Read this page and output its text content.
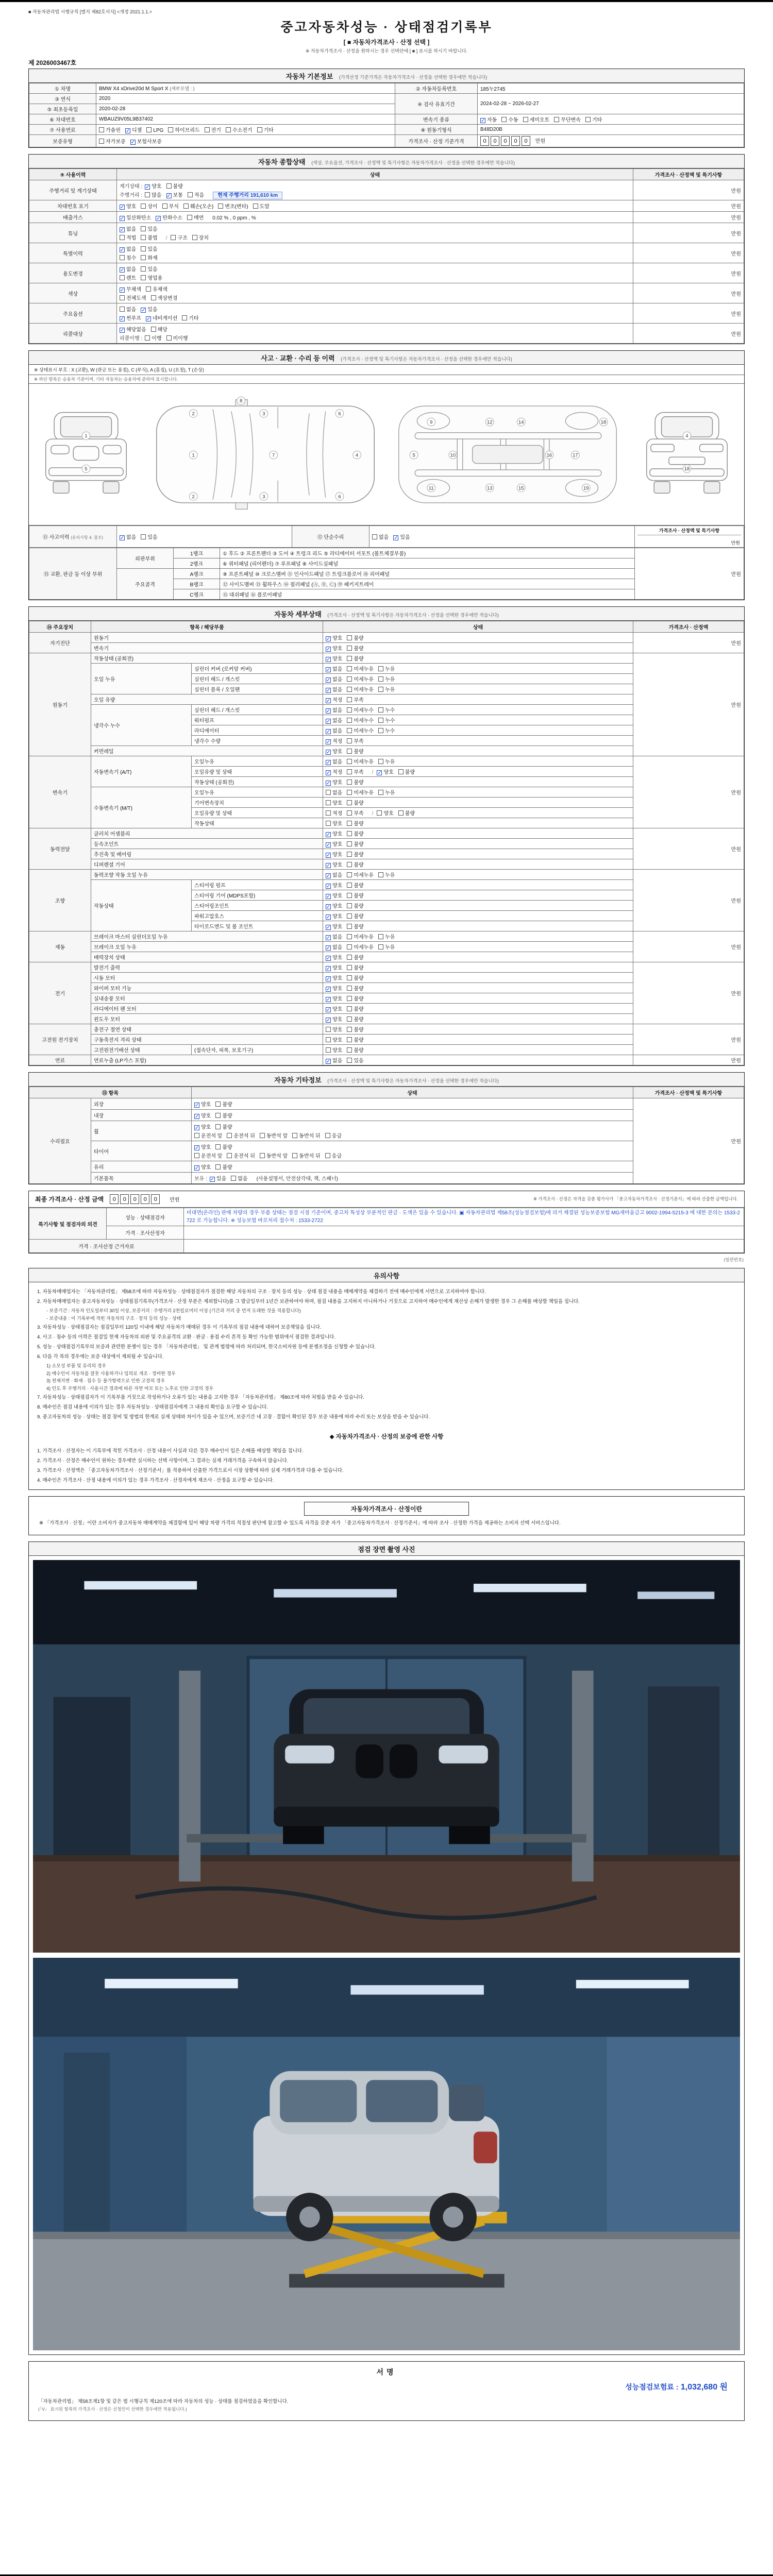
■ 자동차관리법 시행규칙 [별지 제82호서식] <개정 2021.1.1.>
중고자동차성능 · 상태점검기록부
[ ■ 자동차가격조사 · 산정 선택 ]
※ 자동차가격조사 · 산정을 원하시는 경우 선택란에 [ ■ ] 표시를 하시기 바랍니다.
제 2026003467호
자동차 기본정보 (가격산정 기준가격은 자동차가격조사 · 산정을 선택한 경우에만 적습니다)
① 차명	BMW X4 xDrive20d M Sport X (세부모델 : )	② 자동차등록번호	185누2745
③ 연식	2020	④ 검사 유효기간	2024-02-28 ~ 2026-02-27
⑤ 최초등록일	2020-02-28		
⑥ 차대번호	WBAUZ9V05L9B37402	변속기 종류	✓ 자동 수동 세미오토 무단변속 기타
⑦ 사용연료	가솔린 ✓ 디젤 LPG 하이브리드 전기 수소전기 기타	⑧ 원동기형식	B48D20B
보증유형	자가보증 ✓ 보험사보증	가격조사 · 산정 기준가격	0 0 0 0 0 만원
자동차 종합상태 (색상, 주요옵션, 가격조사 · 산정액 및 특기사항은 자동차가격조사 · 산정을 선택한 경우에만 적습니다)
⑨ 사용이력	상태	가격조사 · 산정액 및 특기사항
주행거리 및 계기상태	계기상태 : ✓ 양호 불량
주행거리 : 많음 ✓ 보통 적음 현재 주행거리 191,610 km	만원
차대번호 표기	✓ 양호 상이 부식 훼손(오손) 변조(변타) 도말	만원
배출가스	✓ 일산화탄소 ✓ 탄화수소 매연 0.02 % , 0 ppm , %	만원
튜닝	✓ 없음 있음
적법 불법 / 구조 장치	만원
특별이력	✓ 없음 있음
침수 화재	만원
용도변경	✓ 없음 있음
렌트 영업용	만원
색상	✓ 무채색 유채색
전체도색 색상변경	만원
주요옵션	없음 ✓ 있음
✓ 썬루프 ✓ 네비게이션 기타	만원
리콜대상	✓ 해당없음 해당
리콜이행 : 이행 미이행	만원
사고 · 교환 · 수리 등 이력 (가격조사 · 산정액 및 특기사항은 자동차가격조사 · 산정을 선택한 경우에만 적습니다)
※ 상태표시 부호 : X (교환), W (판금 또는 용접), C (부식), A (흠집), U (요철), T (손상)
※ 하단 항목은 승용차 기준이며, 기타 자동차는 승용차에 준하여 표시합니다.
1
5
1
2
2
3
3
7
6
6
8
4	5
9
10
11
12
13
14
15
16	17
18
19
4
18
⑪ 사고이력 (유의사항 4. 참조)	✓ 없음 있음	⑫ 단순수리	없음 ✓ 있음	
가격조사 · 산정액 및 특기사항
만원
⑬ 교환, 판금 등 이상 부위	외판부위	1랭크	① 후드 ② 프론트펜더 ③ 도어 ④ 트렁크 리드 ⑤ 라디에이터 서포트 (볼트체결부품)	만원
		2랭크	⑥ 쿼터패널 (리어펜더) ⑦ 루프패널 ⑧ 사이드실패널	
	주요골격	A랭크	⑨ 프론트패널 ⑩ 크로스멤버 ⑪ 인사이드패널 ⑰ 트렁크플로어 ⑱ 리어패널	
		B랭크	⑫ 사이드멤버 ⑬ 휠하우스 ⑭ 필러패널 (Ⓐ, Ⓑ, Ⓒ) ⑲ 패키지트레이	
		C랭크	⑮ 대쉬패널 ⑯ 플로어패널	
자동차 세부상태 (가격조사 · 산정액 및 특기사항은 자동차가격조사 · 산정을 선택한 경우에만 적습니다)
⑭ 주요장치	항목 / 해당부품		상태	가격조사 · 산정액
자기진단	원동기		✓ 양호 불량	만원
	변속기		✓ 양호 불량	
원동기	작동상태 (공회전)		✓ 양호 불량	만원
	오일 누유	실린더 커버 (로커암 커버)	✓ 없음 미세누유 누유	
		실린더 헤드 / 개스킷	✓ 없음 미세누유 누유	
		실린더 블록 / 오일팬	✓ 없음 미세누유 누유	
	오일 유량		✓ 적정 부족	
	냉각수 누수	실린더 헤드 / 개스킷	✓ 없음 미세누수 누수	
		워터펌프	✓ 없음 미세누수 누수	
		라디에이터	✓ 없음 미세누수 누수	
		냉각수 수량	✓ 적정 부족	
	커먼레일		✓ 양호 불량	
변속기	자동변속기 (A/T)	오일누유	✓ 없음 미세누유 누유	만원
		오일유량 및 상태	✓ 적정 부족 / ✓ 양호 불량	
		작동상태 (공회전)	✓ 양호 불량	
	수동변속기 (M/T)	오일누유	없음 미세누유 누유	
		기어변속장치	양호 불량	
		오일유량 및 상태	적정 부족 / 양호 불량	
		작동상태	양호 불량	
동력전달	클러치 어셈블리		✓ 양호 불량	만원
	등속조인트		✓ 양호 불량	
	추진축 및 베어링		✓ 양호 불량	
	디퍼렌셜 기어		✓ 양호 불량	
조향	동력조향 작동 오일 누유		✓ 없음 미세누유 누유	만원
	작동상태	스티어링 펌프	✓ 양호 불량	
		스티어링 기어 (MDPS포함)	✓ 양호 불량	
		스티어링조인트	✓ 양호 불량	
		파워고압호스	✓ 양호 불량	
		타이로드엔드 및 볼 조인트	✓ 양호 불량	
제동	브레이크 마스터 실린더오일 누유		✓ 없음 미세누유 누유	만원
	브레이크 오일 누유		✓ 없음 미세누유 누유	
	배력장치 상태		✓ 양호 불량	
전기	발전기 출력		✓ 양호 불량	만원
	시동 모터		✓ 양호 불량	
	와이퍼 모터 기능		✓ 양호 불량	
	실내송풍 모터		✓ 양호 불량	
	라디에이터 팬 모터		✓ 양호 불량	
	윈도우 모터		✓ 양호 불량	
고전원 전기장치	충전구 절연 상태		양호 불량	만원
	구동축전지 격리 상태		양호 불량	
	고전원전기배선 상태	(접속단자, 피복, 보호기구)	양호 불량	
연료	연료누출 (LP가스 포함)		✓ 없음 있음	만원
자동차 기타정보 (가격조사 · 산정액 및 특기사항은 자동차가격조사 · 산정을 선택한 경우에만 적습니다)
⑮ 항목		상태	가격조사 · 산정액 및 특기사항
수리필요	외장	✓ 양호 불량	만원
	내장	✓ 양호 불량	

	휠	✓ 양호 불량
운전석 앞 운전석 뒤 동반석 앞 동반석 뒤 응급	

	타이어	✓ 양호 불량
운전석 앞 운전석 뒤 동반석 앞 동반석 뒤 응급	

	유리	✓ 양호 불량	

	기본품목	보유 : ✓ 있음 없음 (사용설명서, 안전삼각대, 잭, 스패너)	
최종 가격조사 · 산정 금액	0 0 0 0 0	만원	※ 가격조사 · 산정은 자격을 갖춘 평가사가 「중고자동차가격조사 · 산정기준서」에 따라 산출한 금액입니다.
특기사항 및 점검자의 의견	성능 · 상태점검자	비대면(온라인) 판매 차량의 경우 부품 상태는 점검 시점 기준이며, 중고차 특성상 부분적인 판금 · 도색은 있을 수 있습니다. ▣ 자동차관리법 제58조(성능점검보험)에 의거 체결된 성능보증보험 MG새마을금고 9002-1994-5215-3 에 대한 문의는 1533-2722 로 가능합니다. ※ 성능보험 바로처리 접수처 : 1533-2722
	가격 · 조사산정자	
가격 · 조사산정 근거자료		
(일련번호)
유의사항

1. 자동차매매업자는 「자동차관리법」 제58조에 따라 자동차성능 · 상태점검자가 점검한 해당 자동차의 구조 · 장치 등의 성능 · 상태 점검 내용을 매매계약을 체결하기 전에 매수인에게 서면으로 고지하여야 합니다.

2. 자동차매매업자는 중고자동차성능 · 상태점검기록부(가격조사 · 산정 부분은 제외합니다)를 그 발급일부터 1년간 보관하여야 하며, 점검 내용을 고지하지 아니하거나 거짓으로 고지하여 매수인에게 재산상 손해가 발생한 경우 그 손해를 배상할 책임을 집니다.

- 보증기간 : 자동차 인도일부터 30일 이상, 보증거리 : 주행거리 2천킬로미터 이상 (기간과 거리 중 먼저 도래한 것을 적용합니다)

- 보증내용 : 이 기록부에 적힌 자동차의 구조 · 장치 등의 성능 · 상태

3. 자동차성능 · 상태점검자는 점검일부터 120일 이내에 해당 자동차가 매매된 경우 이 기록부의 점검 내용에 대하여 보증책임을 집니다.

4. 사고 · 침수 등의 이력은 점검일 현재 자동차의 외판 및 주요골격의 교환 · 판금 · 용접 수리 흔적 등 확인 가능한 범위에서 점검한 결과입니다.

5. 성능 · 상태점검기록부의 보증과 관련한 분쟁이 있는 경우 「자동차관리법」 및 관계 법령에 따라 처리되며, 한국소비자원 등에 분쟁조정을 신청할 수 있습니다.

6. 다음 각 목의 경우에는 보증 대상에서 제외될 수 있습니다.

1) 소모성 부품 및 유리의 경우

2) 매수인이 자동차를 잘못 사용하거나 임의로 개조 · 정비한 경우

3) 천재지변 · 화재 · 침수 등 불가항력으로 인한 고장의 경우

4) 인도 후 주행거리 · 사용시간 경과에 따른 자연 마모 또는 노후로 인한 고장의 경우

7. 자동차성능 · 상태점검자가 이 기록부를 거짓으로 작성하거나 오류가 있는 내용을 고지한 경우 「자동차관리법」 제80조에 따라 처벌을 받을 수 있습니다.

8. 매수인은 점검 내용에 이의가 있는 경우 자동차성능 · 상태점검자에게 그 내용의 확인을 요구할 수 있습니다.

9. 중고자동차의 성능 · 상태는 점검 장비 및 방법의 한계로 실제 상태와 차이가 있을 수 있으며, 보증기간 내 고장 · 결함이 확인된 경우 보증 내용에 따라 수리 또는 보상을 받을 수 있습니다.

◆ 자동차가격조사 · 산정의 보증에 관한 사항

1. 가격조사 · 산정자는 이 기록부에 적힌 가격조사 · 산정 내용이 사실과 다른 경우 매수인이 입은 손해를 배상할 책임을 집니다.

2. 가격조사 · 산정은 매수인이 원하는 경우에만 실시하는 선택 사항이며, 그 결과는 실제 거래가격을 구속하지 않습니다.

3. 가격조사 · 산정액은 「중고자동차가격조사 · 산정기준서」를 적용하여 산출한 가격으로서 시장 상황에 따라 실제 거래가격과 다를 수 있습니다.

4. 매수인은 가격조사 · 산정 내용에 이의가 있는 경우 가격조사 · 산정자에게 재조사 · 산정을 요구할 수 있습니다.

자동차가격조사 · 산정이란

※ 「가격조사 · 산정」이란 소비자가 중고자동차 매매계약을 체결함에 있어 해당 차량 가격의 적절성 판단에 참고할 수 있도록 자격을 갖춘 자가 「중고자동차가격조사 · 산정기준서」에 따라 조사 · 산정한 가격을 제공하는 소비자 선택 서비스입니다.

점검 장면 촬영 사진
서명
성능점검보험료 : 1,032,680 원

「자동차관리법」 제58조제1항 및 같은 법 시행규칙 제120조에 따라 자동차의 성능 · 상태를 점검하였음을 확인합니다.

(「V」 표시된 항목의 가격조사 · 산정은 신청인이 선택한 경우에만 적용됩니다.)
